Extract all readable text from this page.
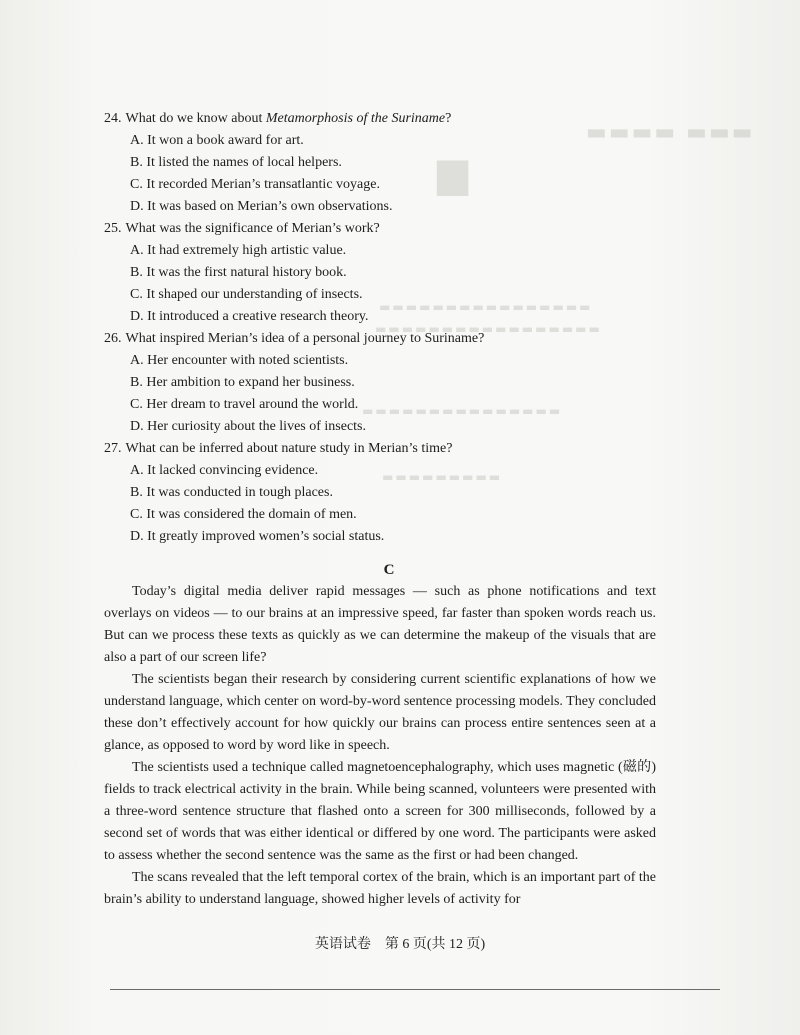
▬▬▬ ▬▬▬▬
▆
▬▬▬▬▬▬▬▬▬▬▬▬▬▬▬▬
▬▬▬▬▬▬▬▬▬▬▬▬▬▬▬▬▬
▬▬▬▬▬▬▬▬▬▬▬▬▬▬▬
▬▬▬▬▬▬▬▬▬
24. What do we know about Metamorphosis of the Suriname?
A. It won a book award for art.
B. It listed the names of local helpers.
C. It recorded Merian’s transatlantic voyage.
D. It was based on Merian’s own observations.
25. What was the significance of Merian’s work?
A. It had extremely high artistic value.
B. It was the first natural history book.
C. It shaped our understanding of insects.
D. It introduced a creative research theory.
26. What inspired Merian’s idea of a personal journey to Suriname?
A. Her encounter with noted scientists.
B. Her ambition to expand her business.
C. Her dream to travel around the world.
D. Her curiosity about the lives of insects.
27. What can be inferred about nature study in Merian’s time?
A. It lacked convincing evidence.
B. It was conducted in tough places.
C. It was considered the domain of men.
D. It greatly improved women’s social status.
C

Today’s digital media deliver rapid messages — such as phone notifications and text overlays on videos — to our brains at an impressive speed, far faster than spoken words reach us. But can we process these texts as quickly as we can determine the makeup of the visuals that are also a part of our screen life?

The scientists began their research by considering current scientific explanations of how we understand language, which center on word-by-word sentence processing models. They concluded these don’t effectively account for how quickly our brains can process entire sentences seen at a glance, as opposed to word by word like in speech.

The scientists used a technique called magnetoencephalography, which uses magnetic (磁的) fields to track electrical activity in the brain. While being scanned, volunteers were presented with a three-word sentence structure that flashed onto a screen for 300 milliseconds, followed by a second set of words that was either identical or differed by one word. The participants were asked to assess whether the second sentence was the same as the first or had been changed.

The scans revealed that the left temporal cortex of the brain, which is an important part of the brain’s ability to understand language, showed higher levels of activity for

英语试卷　第 6 页(共 12 页)
